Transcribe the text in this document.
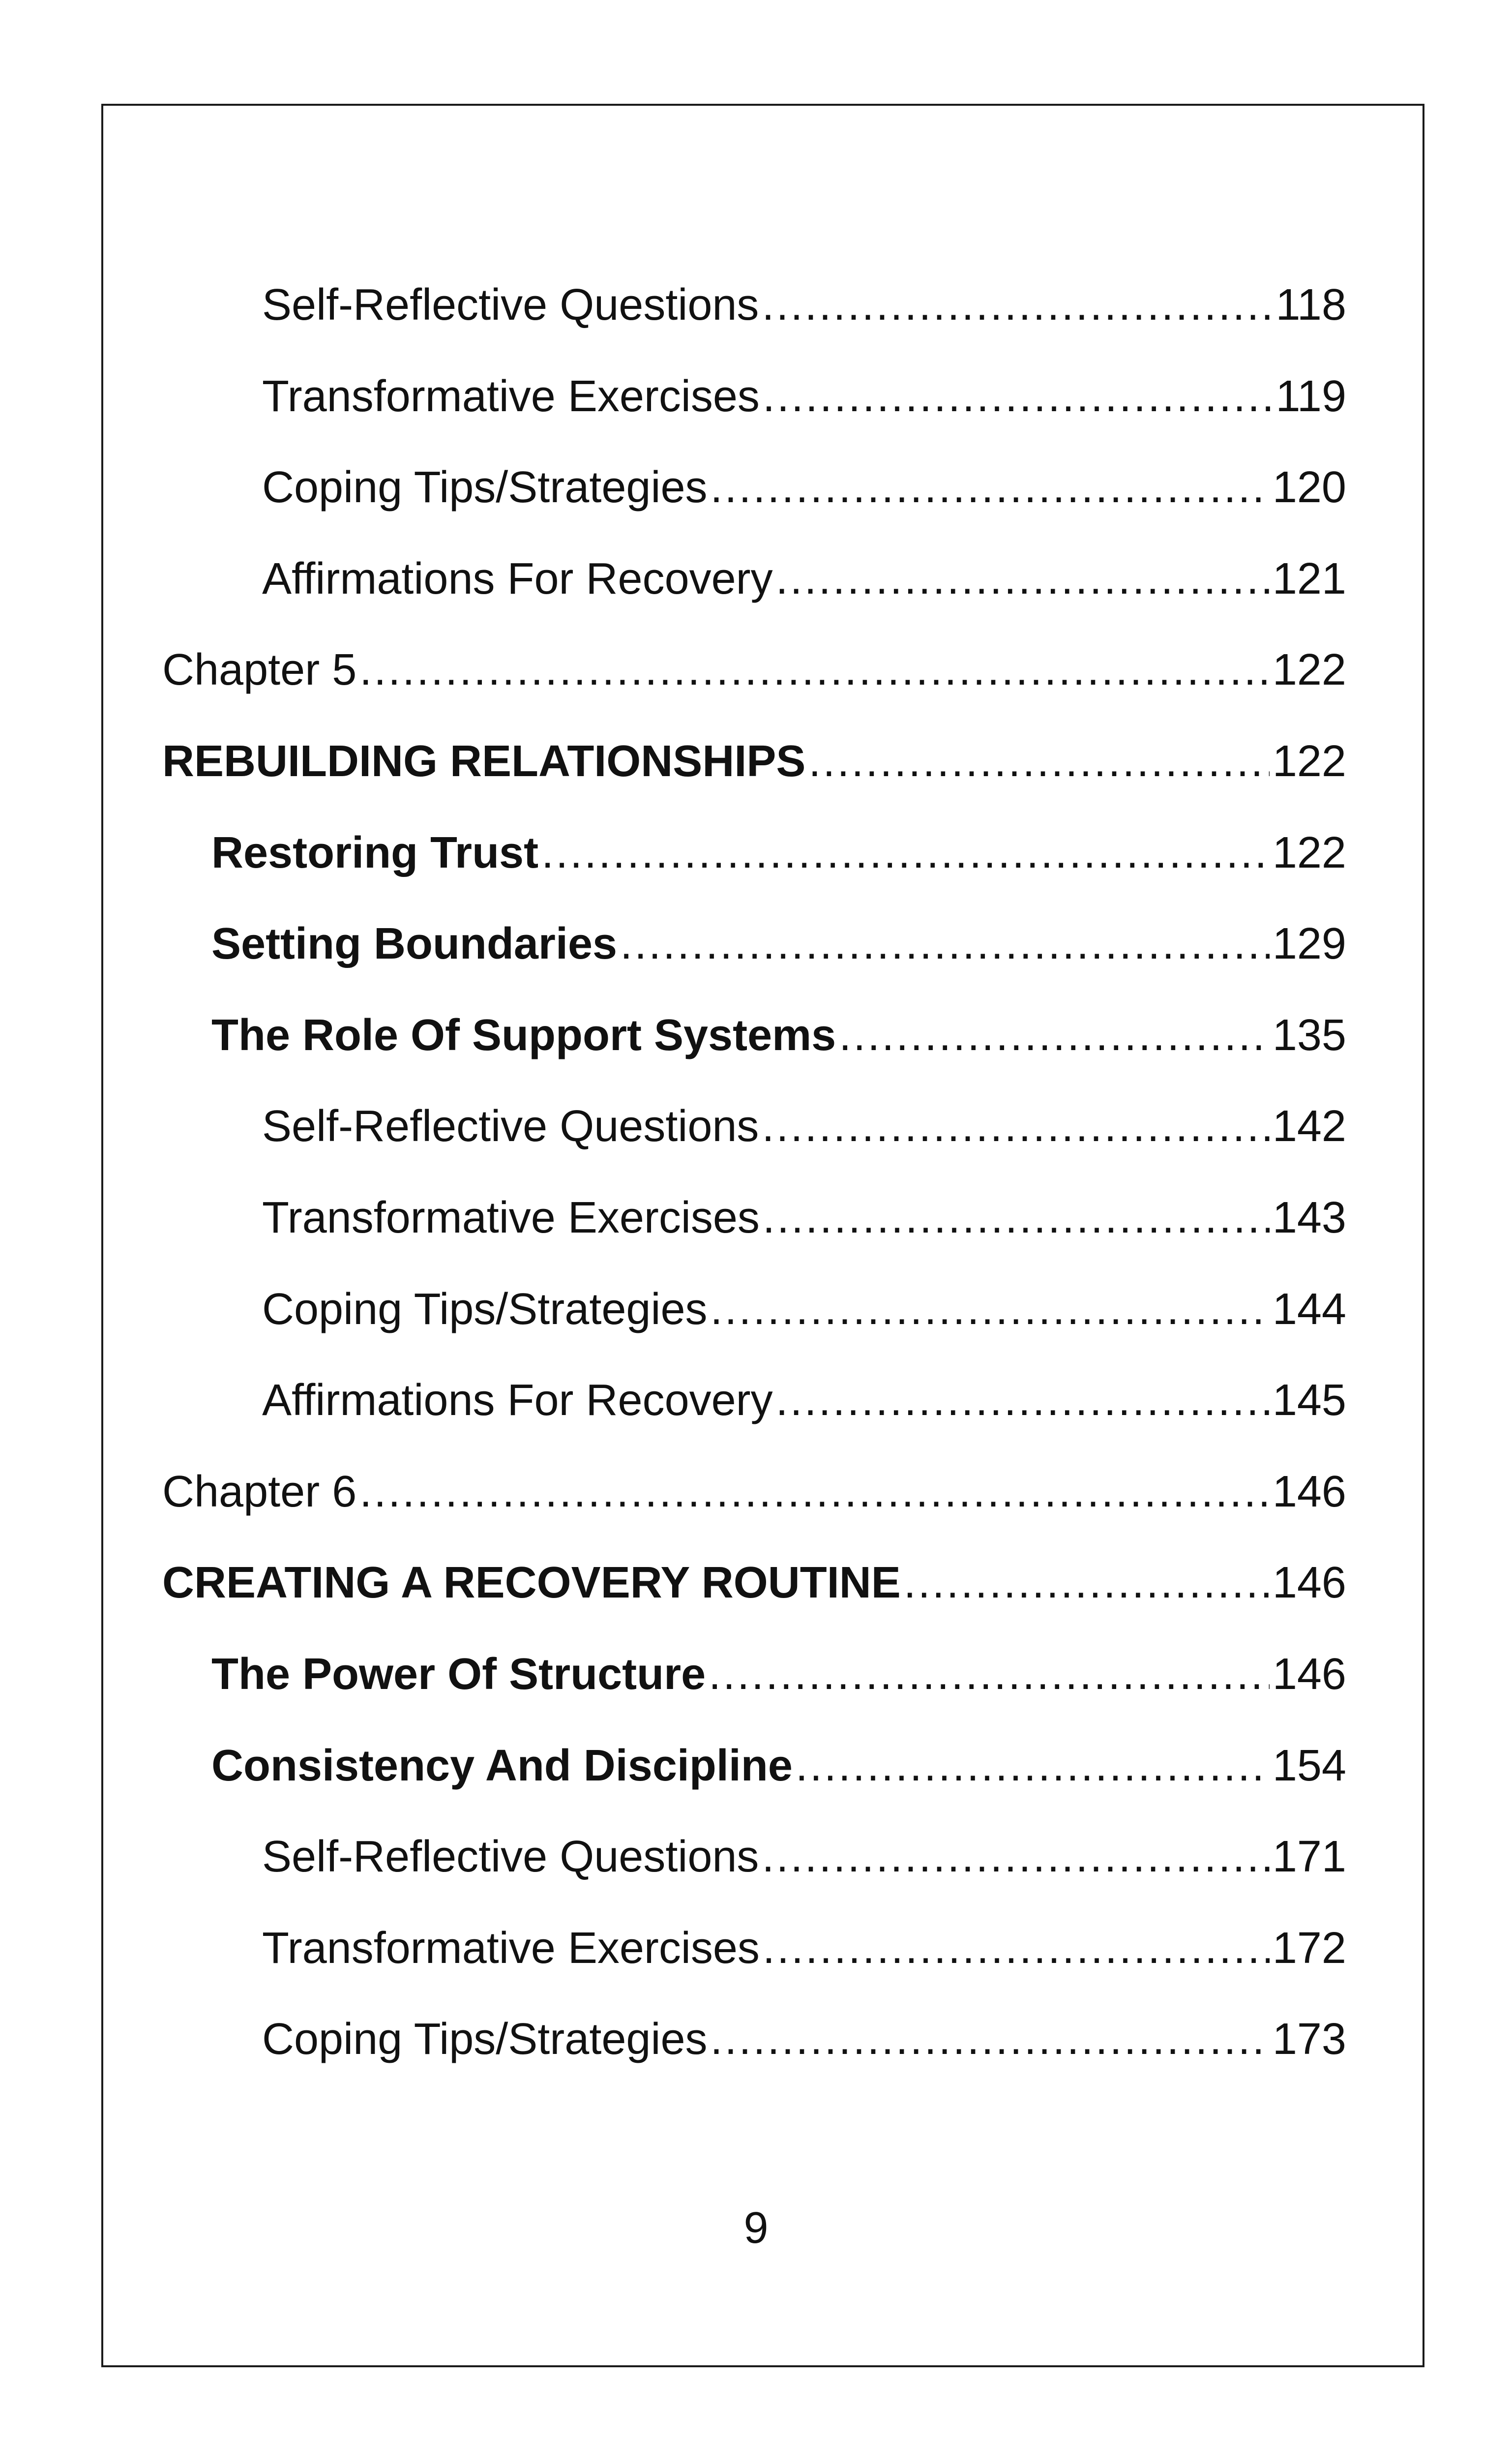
Self-Reflective Questions .....	118
Transformative Exercises .....	119
Coping Tips/Strategies .....	120
Affirmations For Recovery .....	121
Chapter 5 .....	122
REBUILDING RELATIONSHIPS .....	122
Restoring Trust .....	122
Setting Boundaries .....	129
The Role Of Support Systems .....	135
Self-Reflective Questions .....	142
Transformative Exercises .....	143
Coping Tips/Strategies .....	144
Affirmations For Recovery .....	145
Chapter 6 .....	146
CREATING A RECOVERY ROUTINE .....	146
The Power Of Structure .....	146
Consistency And Discipline .....	154
Self-Reflective Questions .....	171
Transformative Exercises .....	172
Coping Tips/Strategies .....	173
9
